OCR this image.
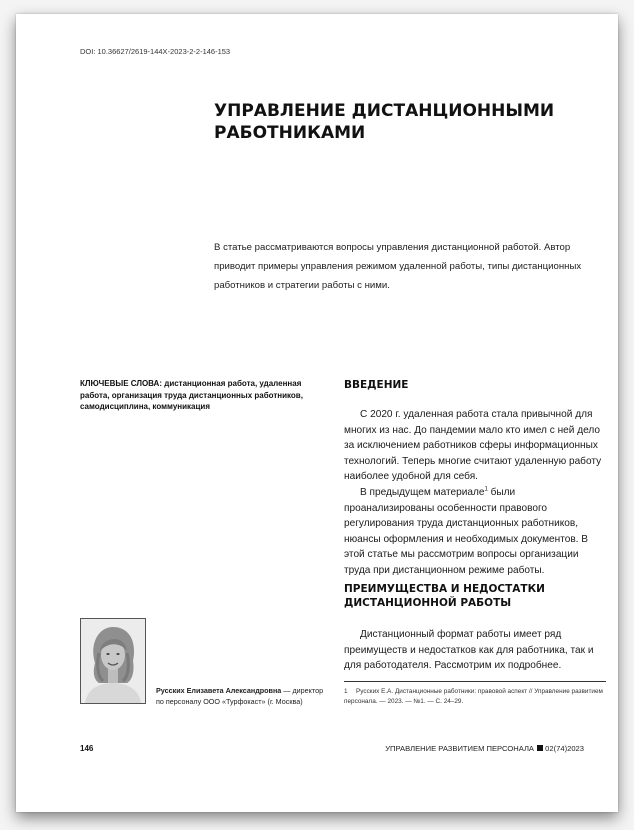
DOI: 10.36627/2619-144X-2023-2-2-146-153
УПРАВЛЕНИЕ ДИСТАНЦИОННЫМИ
РАБОТНИКАМИ

В статье рассматриваются вопросы управления дистанционной работой. Автор приводит примеры управления режимом удаленной работы, типы дистанционных работников и стратегии работы с ними.

КЛЮЧЕВЫЕ СЛОВА: дистанционная работа, удаленная работа, организация труда дистанционных работников, самодисциплина, коммуникация
ВВЕДЕНИЕ

С 2020 г. удаленная работа стала привычной для многих из нас. До пандемии мало кто имел с ней дело за исключением работников сферы информационных технологий. Теперь многие считают удаленную работу наиболее удобной для себя.

В предыдущем материале$^1$ были проанализированы особенности правового регулирования труда дистанционных работников, нюансы оформления и необходимых документов. В этой статье мы рассмотрим вопросы организации труда при дистанционном режиме работы.

ПРЕИМУЩЕСТВА И НЕДОСТАТКИ
ДИСТАНЦИОННОЙ РАБОТЫ

Дистанционный формат работы имеет ряд преимуществ и недостатков как для работника, так и для работодателя. Рассмотрим их подробнее.

1 Русских Е.А. Дистанционные работники: правовой аспект // Управление развитием персонала. — 2023. — №1. — С. 24–29.
Русских Елизавета Александровна — директор по персоналу ООО «Турфокаст» (г. Москва)
146	УПРАВЛЕНИЕ РАЗВИТИЕМ ПЕРСОНАЛА 02(74)2023
